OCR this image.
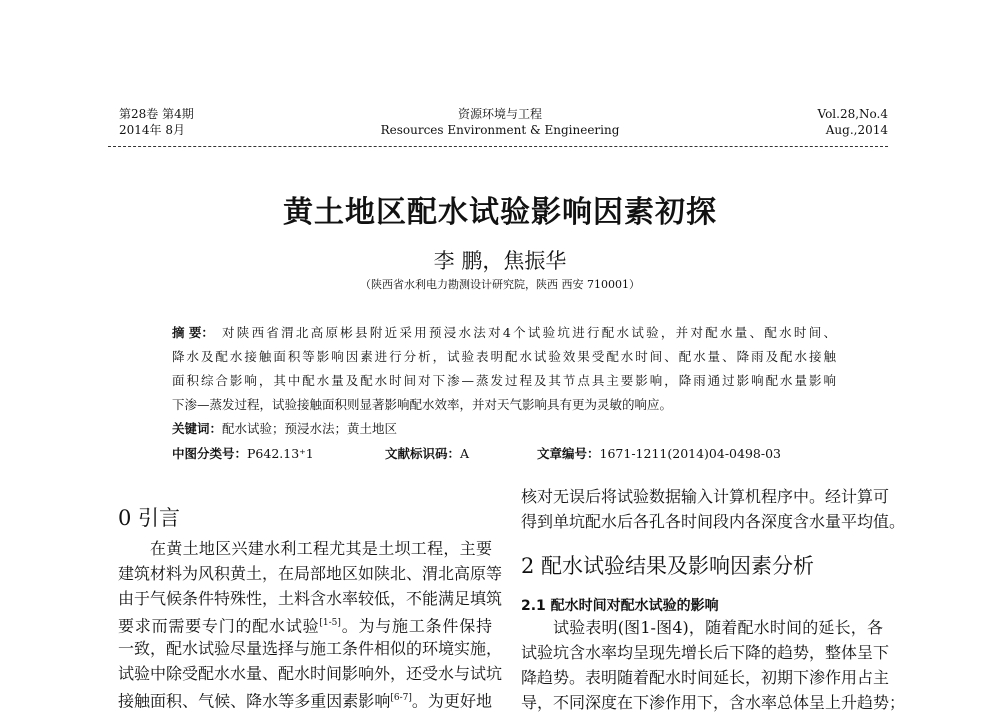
第28卷 第4期
2014年 8月
资源环境与工程
Resources Environment & Engineering
Vol.28,No.4
Aug.,2014
黄土地区配水试验影响因素初探
李 鹏，焦振华
（陕西省水利电力勘测设计研究院，陕西 西安 710001）
摘 要： 对陕西省渭北高原彬县附近采用预浸水法对4个试验坑进行配水试验，并对配水量、配水时间、
降水及配水接触面积等影响因素进行分析，试验表明配水试验效果受配水时间、配水量、降雨及配水接触
面积综合影响，其中配水量及配水时间对下渗—蒸发过程及其节点具主要影响，降雨通过影响配水量影响
下渗—蒸发过程，试验接触面积则显著影响配水效率，并对天气影响具有更为灵敏的响应。
关键词：配水试验；预浸水法；黄土地区
中图分类号：P642.13⁺1	文献标识码：A	文章编号：1671-1211(2014)04-0498-03
0 引言
在黄土地区兴建水利工程尤其是土坝工程，主要
建筑材料为风积黄土，在局部地区如陕北、渭北高原等
由于气候条件特殊性，土料含水率较低，不能满足填筑
要求而需要专门的配水试验[1-5]。为与施工条件保持
一致，配水试验尽量选择与施工条件相似的环境实施，
试验中除受配水水量、配水时间影响外，还受水与试坑
接触面积、气候、降水等多重因素影响[6-7]。为更好地
核对无误后将试验数据输入计算机程序中。经计算可
得到单坑配水后各孔各时间段内各深度含水量平均值。
2 配水试验结果及影响因素分析
2.1 配水时间对配水试验的影响
试验表明(图1-图4)，随着配水时间的延长，各
试验坑含水率均呈现先增长后下降的趋势，整体呈下
降趋势。表明随着配水时间延长，初期下渗作用占主
导，不同深度在下渗作用下，含水率总体呈上升趋势；
